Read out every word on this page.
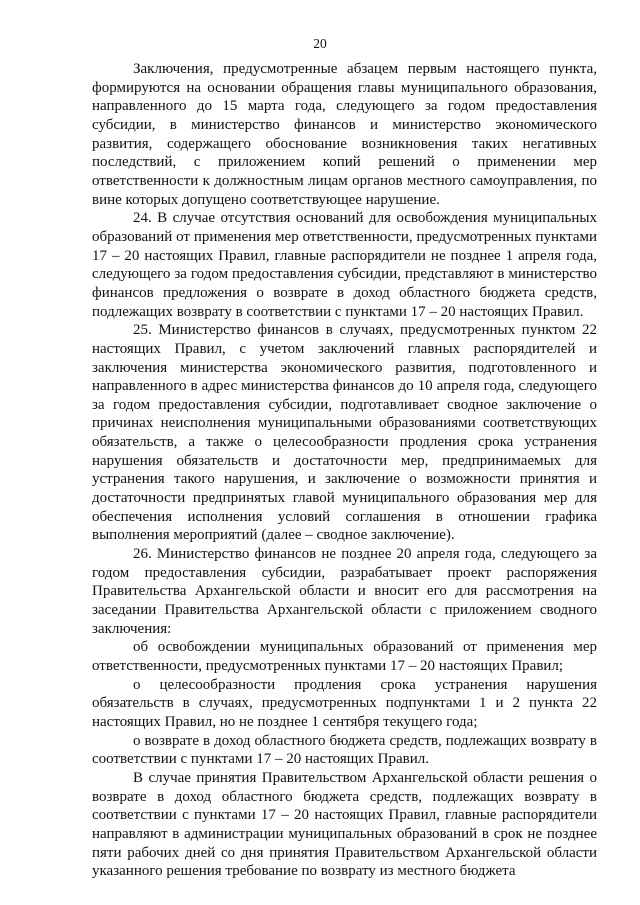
20

Заключения, предусмотренные абзацем первым настоящего пункта, формируются на основании обращения главы муниципального образования, направленного до 15 марта года, следующего за годом предоставления субсидии, в министерство финансов и министерство экономического развития, содержащего обоснование возникновения таких негативных последствий, с приложением копий решений о применении мер ответственности к должностным лицам органов местного самоуправления, по вине которых допущено соответствующее нарушение.

24. В случае отсутствия оснований для освобождения муниципальных образований от применения мер ответственности, предусмотренных пунктами 17 – 20 настоящих Правил, главные распорядители не позднее 1 апреля года, следующего за годом предоставления субсидии, представляют в министерство финансов предложения о возврате в доход областного бюджета средств, подлежащих возврату в соответствии с пунктами 17 – 20 настоящих Правил.

25. Министерство финансов в случаях, предусмотренных пунктом 22 настоящих Правил, с учетом заключений главных распорядителей и заключения министерства экономического развития, подготовленного и направленного в адрес министерства финансов до 10 апреля года, следующего за годом предоставления субсидии, подготавливает сводное заключение о причинах неисполнения муниципальными образованиями соответствующих обязательств, а также о целесообразности продления срока устранения нарушения обязательств и достаточности мер, предпринимаемых для устранения такого нарушения, и заключение о возможности принятия и достаточности предпринятых главой муниципального образования мер для обеспечения исполнения условий соглашения в отношении графика выполнения мероприятий (далее – сводное заключение).

26. Министерство финансов не позднее 20 апреля года, следующего за годом предоставления субсидии, разрабатывает проект распоряжения Правительства Архангельской области и вносит его для рассмотрения на заседании Правительства Архангельской области с приложением сводного заключения:

об освобождении муниципальных образований от применения мер ответственности, предусмотренных пунктами 17 – 20 настоящих Правил;

о целесообразности продления срока устранения нарушения обязательств в случаях, предусмотренных подпунктами 1 и 2 пункта 22 настоящих Правил, но не позднее 1 сентября текущего года;

о возврате в доход областного бюджета средств, подлежащих возврату в соответствии с пунктами 17 – 20 настоящих Правил.

В случае принятия Правительством Архангельской области решения о возврате в доход областного бюджета средств, подлежащих возврату в соответствии с пунктами 17 – 20 настоящих Правил, главные распорядители направляют в администрации муниципальных образований в срок не позднее пяти рабочих дней со дня принятия Правительством Архангельской области указанного решения требование по возврату из местного бюджета
